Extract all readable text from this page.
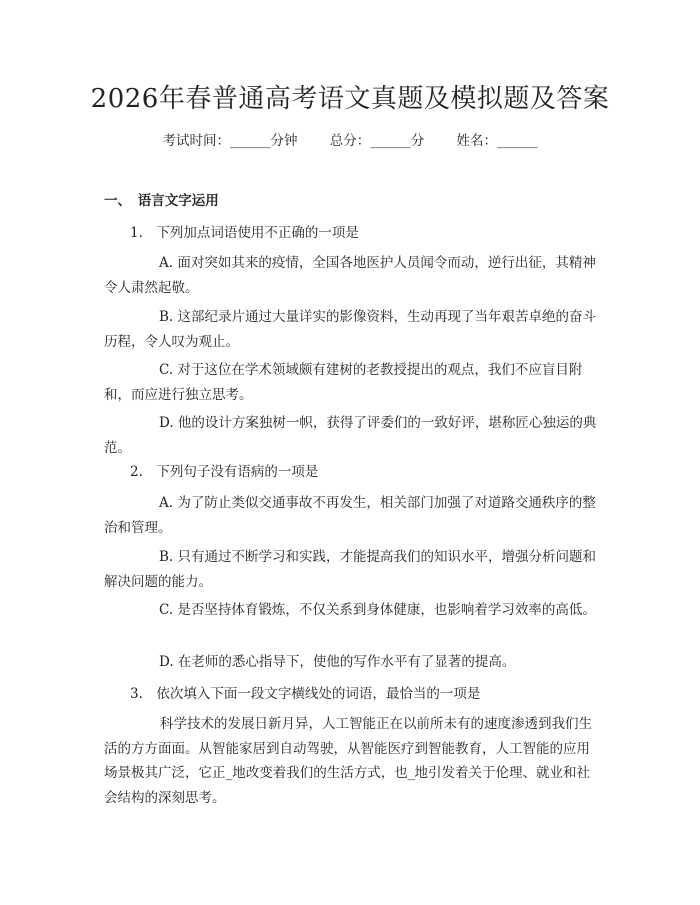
2026年春普通高考语文真题及模拟题及答案
考试时间：______分钟 总分：______分 姓名：______
一、　语言文字运用
1.　下列加点词语使用不正确的一项是
A. 面对突如其来的疫情，全国各地医护人员闻令而动，逆行出征，其精神令人肃然起敬。
B. 这部纪录片通过大量详实的影像资料，生动再现了当年艰苦卓绝的奋斗历程，令人叹为观止。
C. 对于这位在学术领域颇有建树的老教授提出的观点，我们不应盲目附和，而应进行独立思考。
D. 他的设计方案独树一帜，获得了评委们的一致好评，堪称匠心独运的典范。
2.　下列句子没有语病的一项是
A. 为了防止类似交通事故不再发生，相关部门加强了对道路交通秩序的整治和管理。
B. 只有通过不断学习和实践，才能提高我们的知识水平，增强分析问题和解决问题的能力。
C. 是否坚持体育锻炼，不仅关系到身体健康，也影响着学习效率的高低。
D. 在老师的悉心指导下，使他的写作水平有了显著的提高。
3.　依次填入下面一段文字横线处的词语，最恰当的一项是
科学技术的发展日新月异，人工智能正在以前所未有的速度渗透到我们生活的方方面面。从智能家居到自动驾驶，从智能医疗到智能教育，人工智能的应用场景极其广泛，它正_地改变着我们的生活方式，也_地引发着关于伦理、就业和社会结构的深刻思考。
